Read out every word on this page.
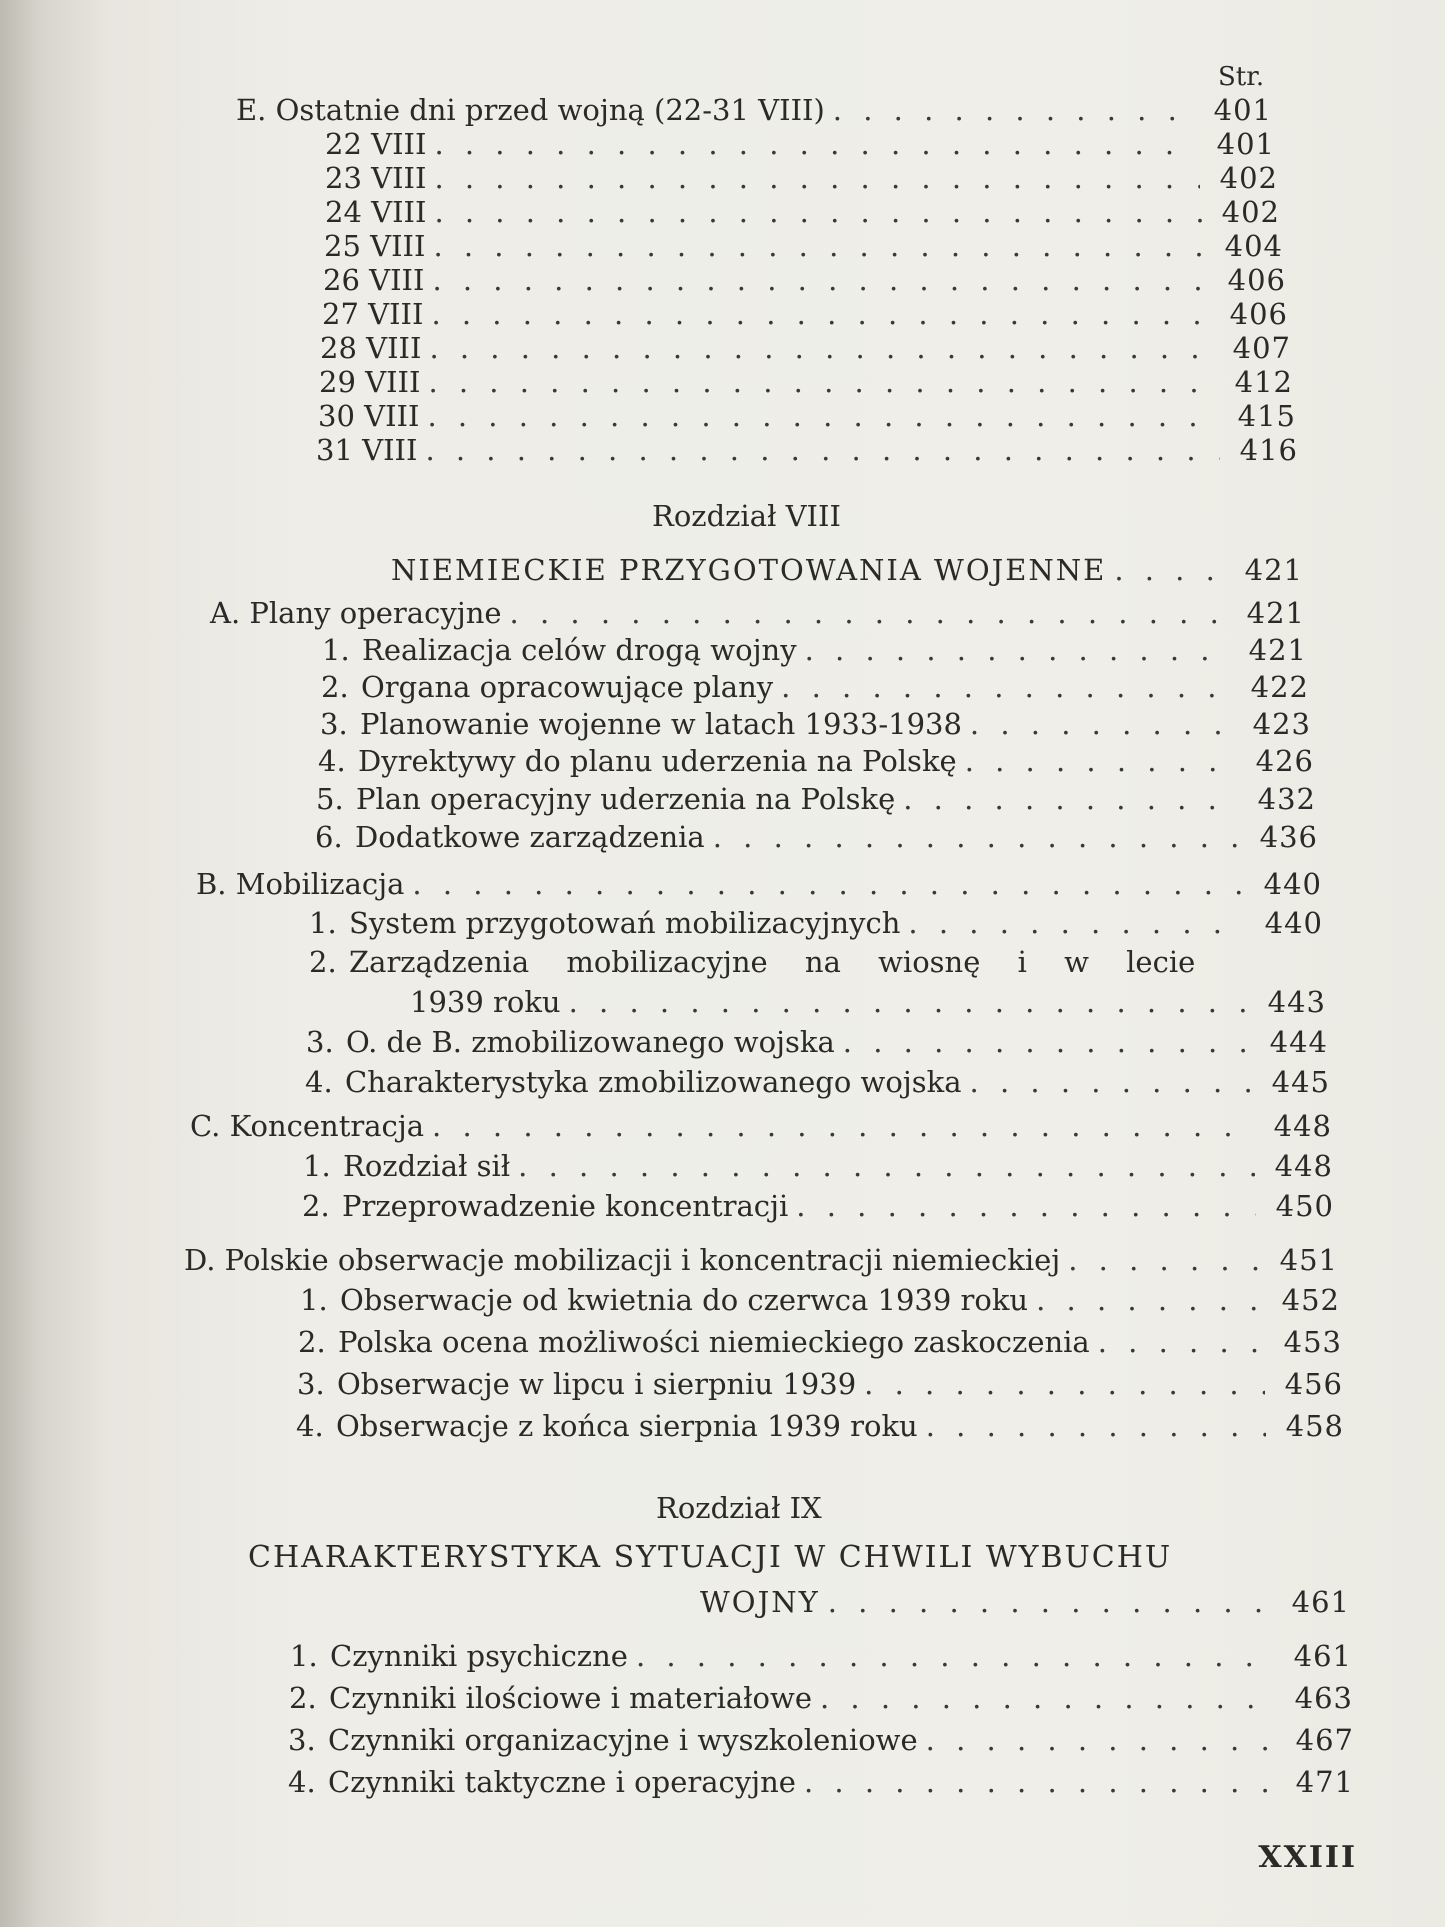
Str.
E. Ostatnie dni przed wojną (22-31 VIII) . . .	401
22 VIII . . .	401
23 VIII . . .	402
24 VIII . . .	402
25 VIII . . .	404
26 VIII . . .	406
27 VIII . . .	406
28 VIII . . .	407
29 VIII . . .	412
30 VIII . . .	415
31 VIII . . .	416
Rozdział VIII
NIEMIECKIE PRZYGOTOWANIA WOJENNE . . .	421
A. Plany operacyjne . . .	421
1. Realizacja celów drogą wojny . . .	421
2. Organa opracowujące plany . . .	422
3. Planowanie wojenne w latach 1933-1938 . . .	423
4. Dyrektywy do planu uderzenia na Polskę . . .	426
5. Plan operacyjny uderzenia na Polskę . . .	432
6. Dodatkowe zarządzenia . . .	436
B. Mobilizacja . . .	440
1. System przygotowań mobilizacyjnych . . .	440
2. Zarządzenia mobilizacyjne na wiosnę i w lecie
1939 roku . . .	443
3. O. de B. zmobilizowanego wojska . . .	444
4. Charakterystyka zmobilizowanego wojska . . .	445
C. Koncentracja . . .	448
1. Rozdział sił . . .	448
2. Przeprowadzenie koncentracji . . .	450
D. Polskie obserwacje mobilizacji i koncentracji niemieckiej . . .	451
1. Obserwacje od kwietnia do czerwca 1939 roku . . .	452
2. Polska ocena możliwości niemieckiego zaskoczenia . . .	453
3. Obserwacje w lipcu i sierpniu 1939 . . .	456
4. Obserwacje z końca sierpnia 1939 roku . . .	458
Rozdział IX
CHARAKTERYSTYKA SYTUACJI W CHWILI WYBUCHU
WOJNY . . .	461
1. Czynniki psychiczne . . .	461
2. Czynniki ilościowe i materiałowe . . .	463
3. Czynniki organizacyjne i wyszkoleniowe . . .	467
4. Czynniki taktyczne i operacyjne . . .	471
XXIII
